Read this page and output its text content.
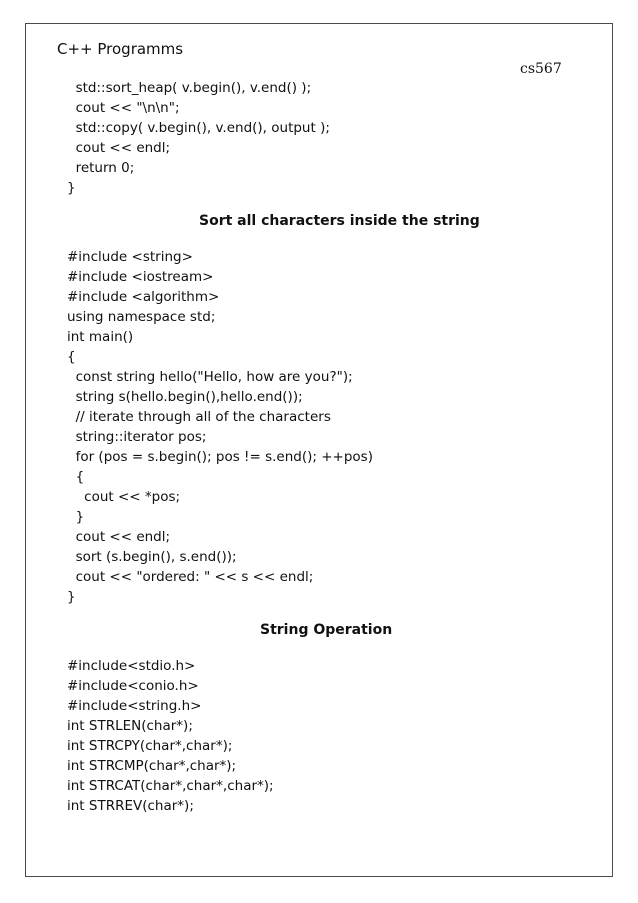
C++ Programms
cs567
std::sort_heap( v.begin(), v.end() );
cout << "\n\n";
std::copy( v.begin(), v.end(), output );
cout << endl;
return 0;
}
Sort all characters inside the string
#include <string>
#include <iostream>
#include <algorithm>
using namespace std;
int main()
{
const string hello("Hello, how are you?");
string s(hello.begin(),hello.end());
// iterate through all of the characters
string::iterator pos;
for (pos = s.begin(); pos != s.end(); ++pos)
{
cout << *pos;
}
cout << endl;
sort (s.begin(), s.end());
cout << "ordered: " << s << endl;
}
String Operation
#include<stdio.h>
#include<conio.h>
#include<string.h>
int STRLEN(char*);
int STRCPY(char*,char*);
int STRCMP(char*,char*);
int STRCAT(char*,char*,char*);
int STRREV(char*);
